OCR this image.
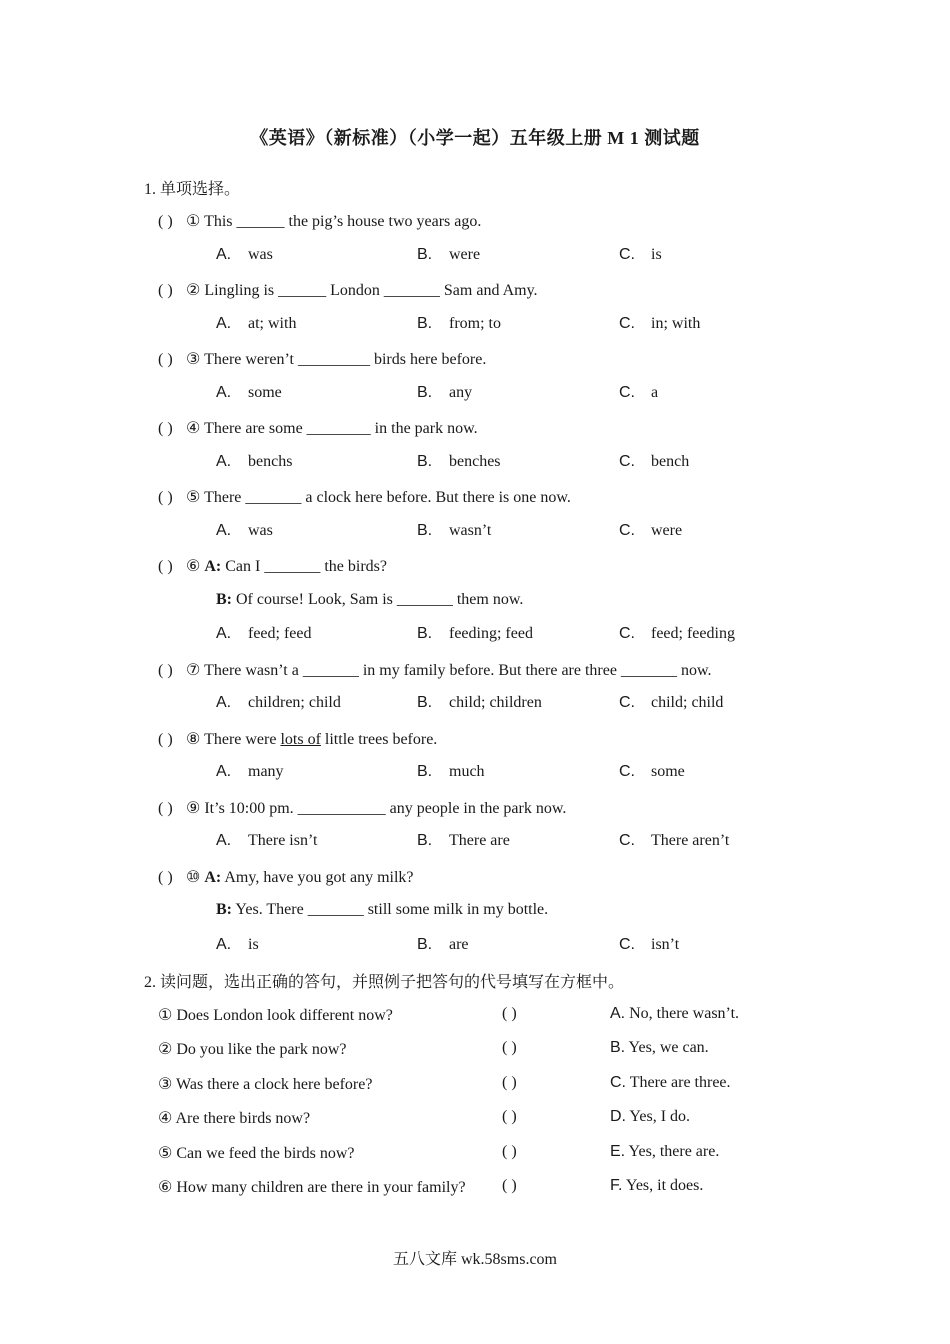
《英语》（新标准）（小学一起）五年级上册 M 1 测试题
1. 单项选择。
( ) ① This ______ the pig’s house two years ago.
A. was	B. were	C. is
( ) ② Lingling is ______ London _______ Sam and Amy.
A. at; with	B. from; to	C. in; with
( ) ③ There weren’t _________ birds here before.
A. some	B. any	C. a
( ) ④ There are some ________ in the park now.
A. benchs	B. benches	C. bench
( ) ⑤ There _______ a clock here before. But there is one now.
A. was	B. wasn’t	C. were
( ) ⑥ A: Can I _______ the birds?
B: Of course! Look, Sam is _______ them now.
A. feed; feed	B. feeding; feed	C. feed; feeding
( ) ⑦ There wasn’t a _______ in my family before. But there are three _______ now.
A. children; child	B. child; children	C. child; child
( ) ⑧ There were lots of little trees before.
A. many	B. much	C. some
( ) ⑨ It’s 10:00 pm. ___________ any people in the park now.
A. There isn’t	B. There are	C. There aren’t
( ) ⑩ A: Amy, have you got any milk?
B: Yes. There _______ still some milk in my bottle.
A. is	B. are	C. isn’t
2. 读问题，选出正确的答句，并照例子把答句的代号填写在方框中。
① Does London look different now?	( )	A. No, there wasn’t.
② Do you like the park now?	( )	B. Yes, we can.
③ Was there a clock here before?	( )	C. There are three.
④ Are there birds now?	( )	D. Yes, I do.
⑤ Can we feed the birds now?	( )	E. Yes, there are.
⑥ How many children are there in your family? ( )	F. Yes, it does.
五八文库 wk.58sms.com
